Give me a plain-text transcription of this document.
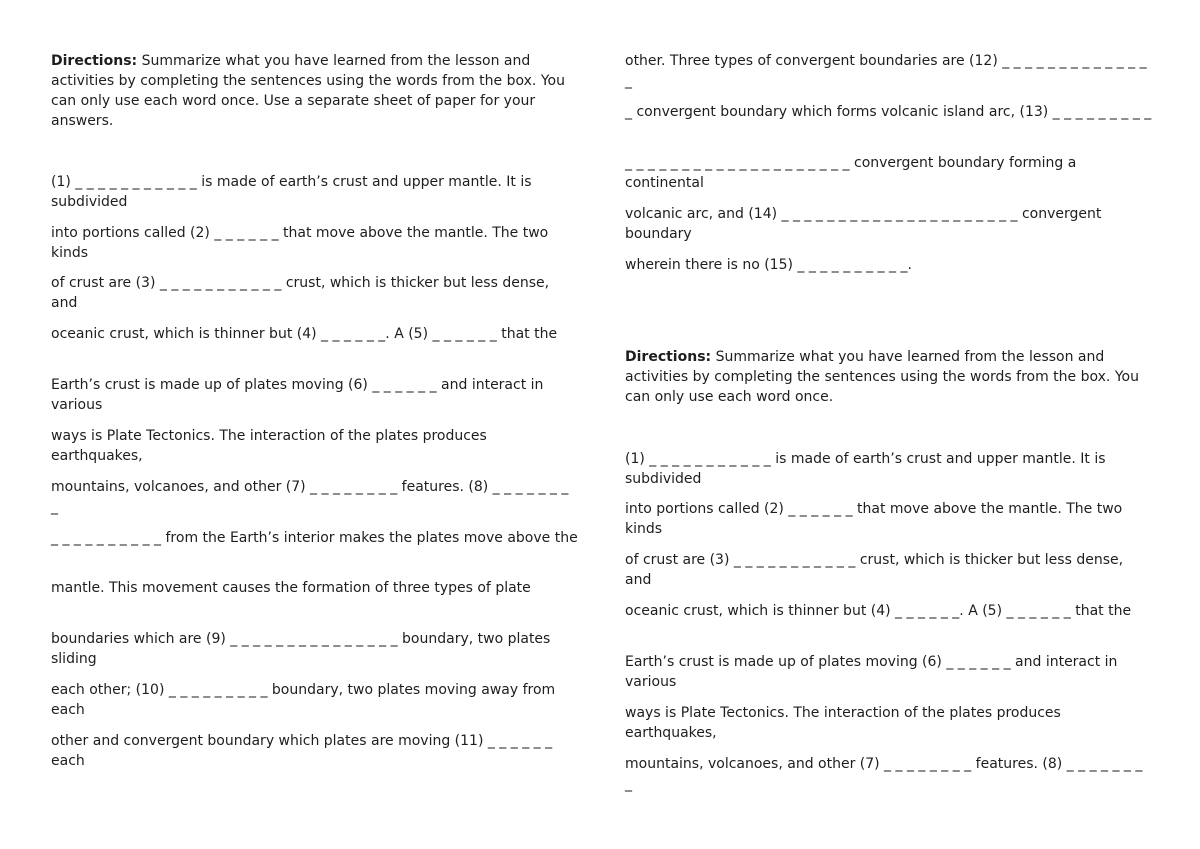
Directions: Summarize what you have learned from the lesson and activities by completing the sentences using the words from the box. You can only use each word once. Use a separate sheet of paper for your answers.

(1) _ _ _ _ _ _ _ _ _ _ _ is made of earth’s crust and upper mantle. It is subdivided

into portions called (2) _ _ _ _ _ _ that move above the mantle. The two kinds

of crust are (3) _ _ _ _ _ _ _ _ _ _ _ crust, which is thicker but less dense, and

oceanic crust, which is thinner but (4) _ _ _ _ _ _. A (5) _ _ _ _ _ _ that the

Earth’s crust is made up of plates moving (6) _ _ _ _ _ _ and interact in various

ways is Plate Tectonics. The interaction of the plates produces earthquakes,

mountains, volcanoes, and other (7) _ _ _ _ _ _ _ _ features. (8) _ _ _ _ _ _ _ _

_ _ _ _ _ _ _ _ _ _ from the Earth’s interior makes the plates move above the

mantle. This movement causes the formation of three types of plate

boundaries which are (9) _ _ _ _ _ _ _ _ _ _ _ _ _ _ _ boundary, two plates sliding

each other; (10) _ _ _ _ _ _ _ _ _ boundary, two plates moving away from each

other and convergent boundary which plates are moving (11) _ _ _ _ _ _ each

other. Three types of convergent boundaries are (12) _ _ _ _ _ _ _ _ _ _ _ _ _ _

_ convergent boundary which forms volcanic island arc, (13) _ _ _ _ _ _ _ _ _

_ _ _ _ _ _ _ _ _ _ _ _ _ _ _ _ _ _ _ _ convergent boundary forming a continental

volcanic arc, and (14) _ _ _ _ _ _ _ _ _ _ _ _ _ _ _ _ _ _ _ _ _ convergent boundary

wherein there is no (15) _ _ _ _ _ _ _ _ _ _.

Directions: Summarize what you have learned from the lesson and activities by completing the sentences using the words from the box. You can only use each word once.

(1) _ _ _ _ _ _ _ _ _ _ _ is made of earth’s crust and upper mantle. It is subdivided

into portions called (2) _ _ _ _ _ _ that move above the mantle. The two kinds

of crust are (3) _ _ _ _ _ _ _ _ _ _ _ crust, which is thicker but less dense, and

oceanic crust, which is thinner but (4) _ _ _ _ _ _. A (5) _ _ _ _ _ _ that the

Earth’s crust is made up of plates moving (6) _ _ _ _ _ _ and interact in various

ways is Plate Tectonics. The interaction of the plates produces earthquakes,

mountains, volcanoes, and other (7) _ _ _ _ _ _ _ _ features. (8) _ _ _ _ _ _ _ _
